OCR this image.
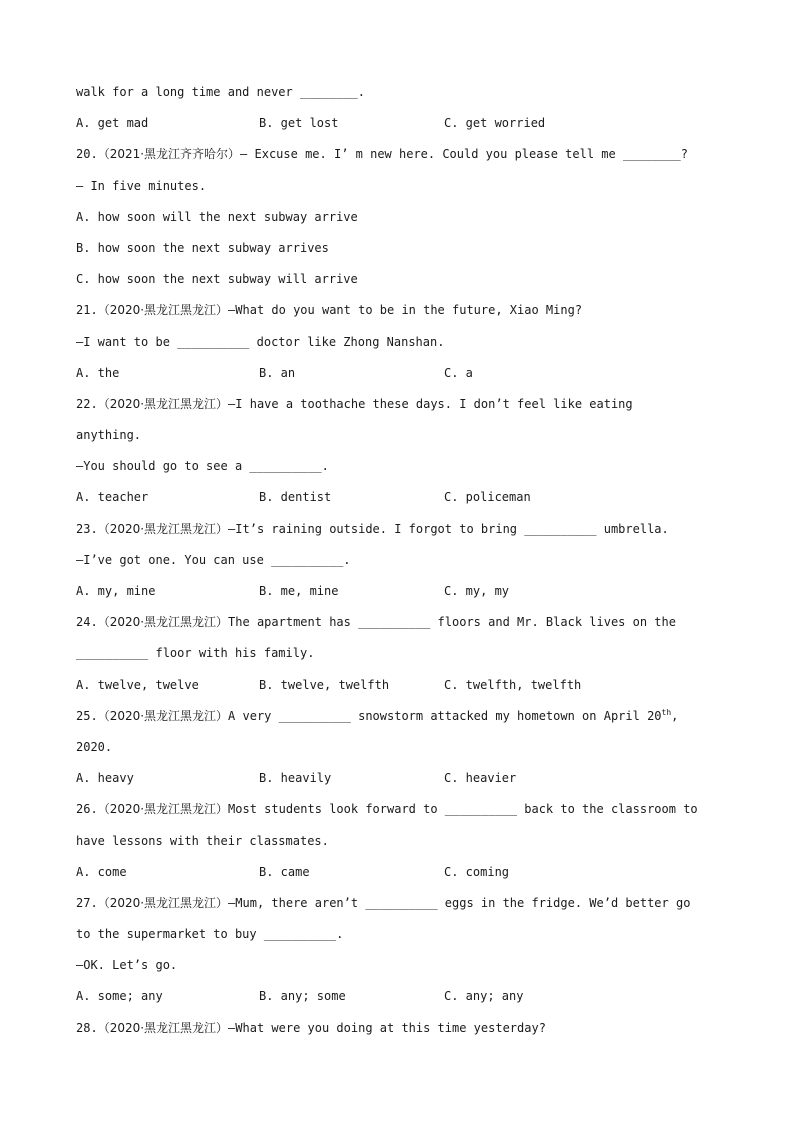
walk for a long time and never ________.
A. get mad	B. get lost	C. get worried
20.（2021·黑龙江齐齐哈尔）— Excuse me. I’ m new here. Could you please tell me ________?
— In five minutes.
A. how soon will the next subway arrive
B. how soon the next subway arrives
C. how soon the next subway will arrive
21.（2020·黑龙江黑龙江）—What do you want to be in the future, Xiao Ming?
—I want to be __________ doctor like Zhong Nanshan.
A. the	B. an	C. a
22.（2020·黑龙江黑龙江）—I have a toothache these days. I don’t feel like eating
anything.
—You should go to see a __________.
A. teacher	B. dentist	C. policeman
23.（2020·黑龙江黑龙江）—It’s raining outside. I forgot to bring __________ umbrella.
—I’ve got one. You can use __________.
A. my, mine	B. me, mine	C. my, my
24.（2020·黑龙江黑龙江）The apartment has __________ floors and Mr. Black lives on the
__________ floor with his family.
A. twelve, twelve	B. twelve, twelfth	C. twelfth, twelfth
25.（2020·黑龙江黑龙江）A very __________ snowstorm attacked my hometown on April 20th,
2020.
A. heavy	B. heavily	C. heavier
26.（2020·黑龙江黑龙江）Most students look forward to __________ back to the classroom to
have lessons with their classmates.
A. come	B. came	C. coming
27.（2020·黑龙江黑龙江）—Mum, there aren’t __________ eggs in the fridge. We’d better go
to the supermarket to buy __________.
—OK. Let’s go.
A. some; any	B. any; some	C. any; any
28.（2020·黑龙江黑龙江）—What were you doing at this time yesterday?
